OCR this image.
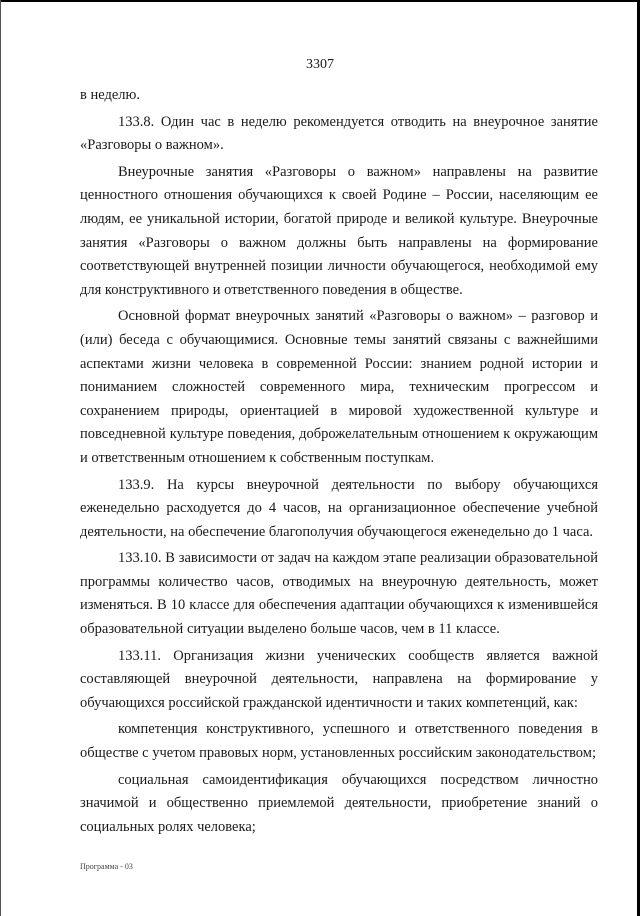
3307

в неделю.

133.8. Один час в неделю рекомендуется отводить на внеурочное занятие «Разговоры о важном».

Внеурочные занятия «Разговоры о важном» направлены на развитие ценностного отношения обучающихся к своей Родине – России, населяющим ее людям, ее уникальной истории, богатой природе и великой культуре. Внеурочные занятия «Разговоры о важном должны быть направлены на формирование соответствующей внутренней позиции личности обучающегося, необходимой ему для конструктивного и ответственного поведения в обществе.

Основной формат внеурочных занятий «Разговоры о важном» – разговор и (или) беседа с обучающимися. Основные темы занятий связаны с важнейшими аспектами жизни человека в современной России: знанием родной истории и пониманием сложностей современного мира, техническим прогрессом и сохранением природы, ориентацией в мировой художественной культуре и повседневной культуре поведения, доброжелательным отношением к окружающим и ответственным отношением к собственным поступкам.

133.9. На курсы внеурочной деятельности по выбору обучающихся еженедельно расходуется до 4 часов, на организационное обеспечение учебной деятельности, на обеспечение благополучия обучающегося еженедельно до 1 часа.

133.10. В зависимости от задач на каждом этапе реализации образовательной программы количество часов, отводимых на внеурочную деятельность, может изменяться. В 10 классе для обеспечения адаптации обучающихся к изменившейся образовательной ситуации выделено больше часов, чем в 11 классе.

133.11. Организация жизни ученических сообществ является важной составляющей внеурочной деятельности, направлена на формирование у обучающихся российской гражданской идентичности и таких компетенций, как:

компетенция конструктивного, успешного и ответственного поведения в обществе с учетом правовых норм, установленных российским законодательством;

социальная самоидентификация обучающихся посредством личностно значимой и общественно приемлемой деятельности, приобретение знаний о социальных ролях человека;

Программа - 03
